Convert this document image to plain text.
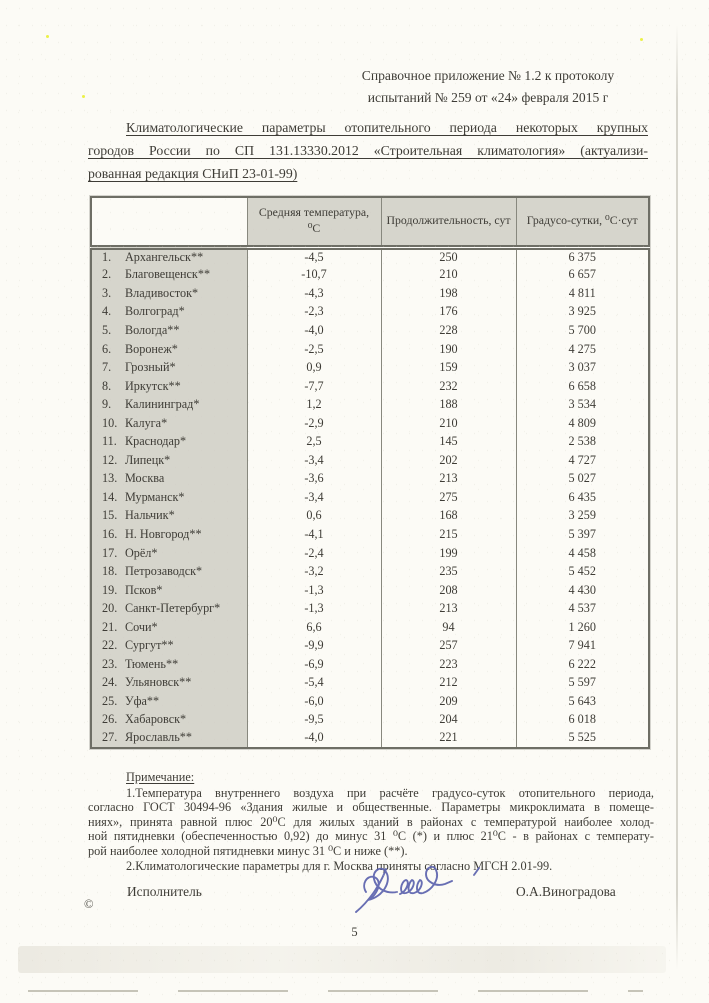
Справочное приложение № 1.2 к протоколу
испытаний № 259 от «24» февраля 2015 г
Климатологические параметры отопительного периода некоторых крупных
городов России по СП 131.13330.2012 «Строительная климатология» (актуализи-
рованная редакция СНиП 23-01-99)
	Средняя температура, ⁰С	Продолжительность, сут	Градусо-сутки, ⁰С·сут
1. Архангельск**	-4,5	250	6 375
2. Благовещенск**	-10,7	210	6 657
3. Владивосток*	-4,3	198	4 811
4. Волгоград*	-2,3	176	3 925
5. Вологда**	-4,0	228	5 700
6. Воронеж*	-2,5	190	4 275
7. Грозный*	0,9	159	3 037
8. Иркутск**	-7,7	232	6 658
9. Калининград*	1,2	188	3 534
10. Калуга*	-2,9	210	4 809
11. Краснодар*	2,5	145	2 538
12. Липецк*	-3,4	202	4 727
13. Москва	-3,6	213	5 027
14. Мурманск*	-3,4	275	6 435
15. Нальчик*	0,6	168	3 259
16. Н. Новгород**	-4,1	215	5 397
17. Орёл*	-2,4	199	4 458
18. Петрозаводск*	-3,2	235	5 452
19. Псков*	-1,3	208	4 430
20. Санкт-Петербург*	-1,3	213	4 537
21. Сочи*	6,6	94	1 260
22. Сургут**	-9,9	257	7 941
23. Тюмень**	-6,9	223	6 222
24. Ульяновск**	-5,4	212	5 597
25. Уфа**	-6,0	209	5 643
26. Хабаровск*	-9,5	204	6 018
27. Ярославль**	-4,0	221	5 525
Примечание:
1.Температура внутреннего воздуха при расчёте градусо-суток отопительного периода,
согласно ГОСТ 30494-96 «Здания жилые и общественные. Параметры микроклимата в помеще-
ниях», принята равной плюс 20⁰С для жилых зданий в районах с температурой наиболее холод-
ной пятидневки (обеспеченностью 0,92) до минус 31 ⁰С (*) и плюс 21⁰С - в районах с температу-
рой наиболее холодной пятидневки минус 31 ⁰С и ниже (**).
2.Климатологические параметры для г. Москва приняты согласно МГСН 2.01-99.
Исполнитель	О.А.Виноградова
©
5
